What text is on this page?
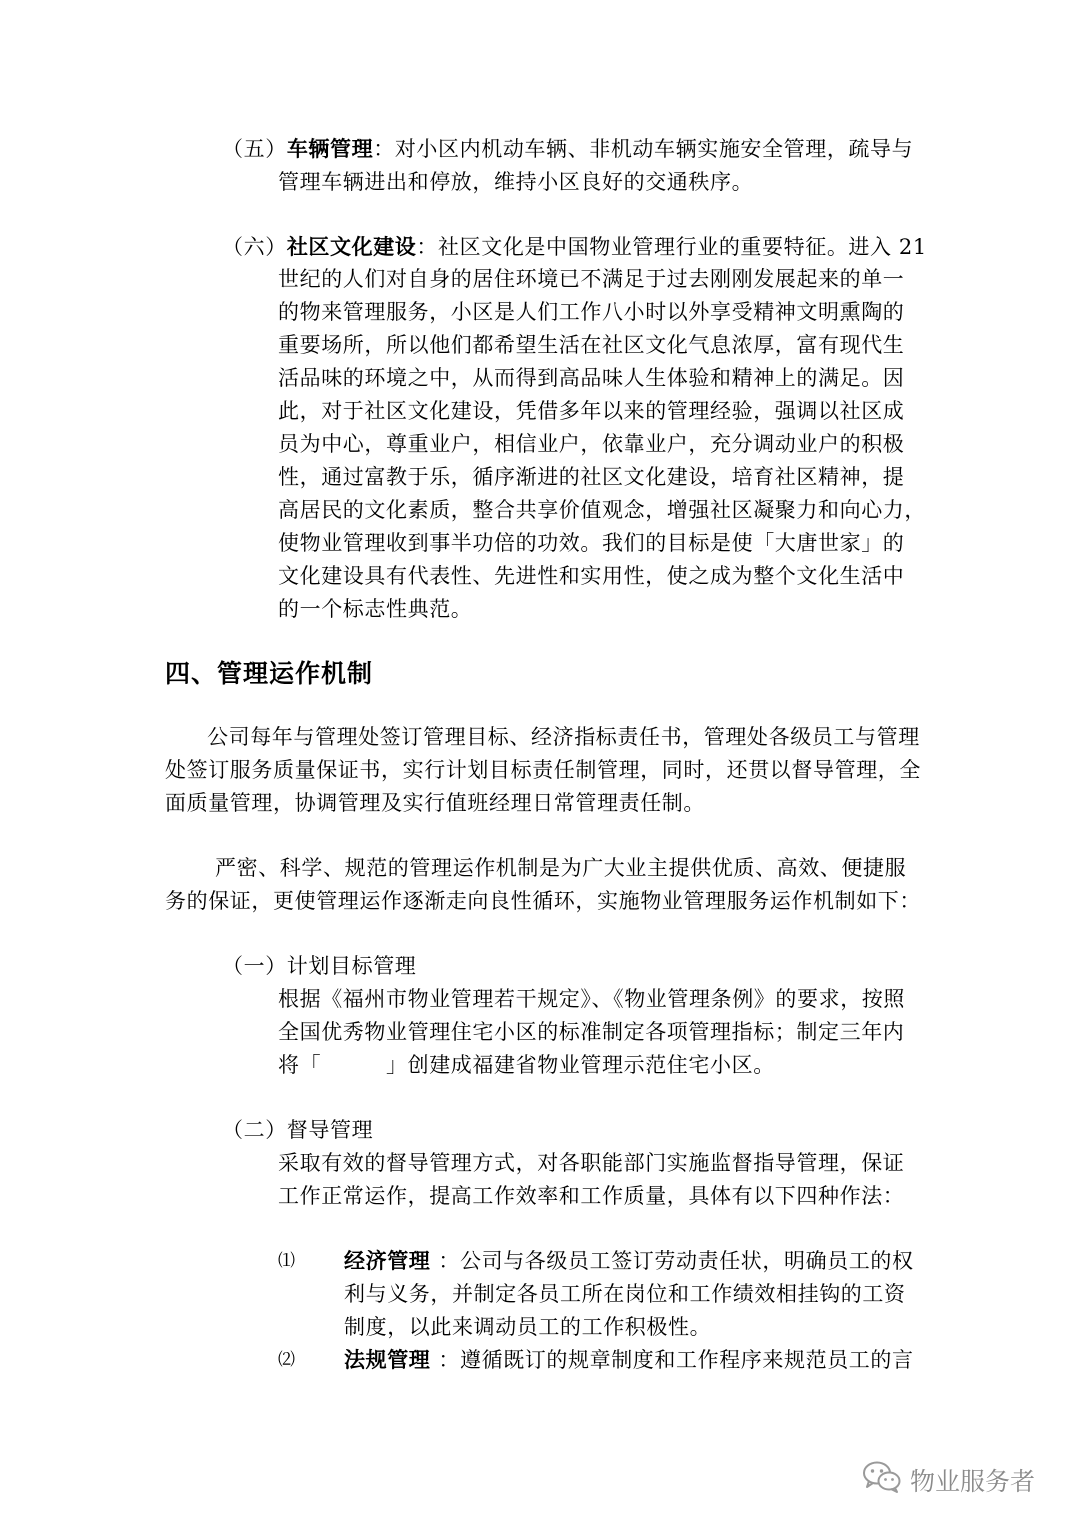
（五）车辆管理：对小区内机动车辆、非机动车辆实施安全管理，疏导与
管理车辆进出和停放，维持小区良好的交通秩序。
（六）社区文化建设：社区文化是中国物业管理行业的重要特征。进入 21
世纪的人们对自身的居住环境已不满足于过去刚刚发展起来的单一
的物来管理服务，小区是人们工作八小时以外享受精神文明熏陶的
重要场所，所以他们都希望生活在社区文化气息浓厚，富有现代生
活品味的环境之中，从而得到高品味人生体验和精神上的满足。因
此，对于社区文化建设，凭借多年以来的管理经验，强调以社区成
员为中心，尊重业户，相信业户，依靠业户，充分调动业户的积极
性，通过富教于乐，循序渐进的社区文化建设，培育社区精神，提
高居民的文化素质，整合共享价值观念，增强社区凝聚力和向心力，
使物业管理收到事半功倍的功效。我们的目标是使「大唐世家」的
文化建设具有代表性、先进性和实用性，使之成为整个文化生活中
的一个标志性典范。
四、管理运作机制
公司每年与管理处签订管理目标、经济指标责任书，管理处各级员工与管理
处签订服务质量保证书，实行计划目标责任制管理，同时，还贯以督导管理，全
面质量管理，协调管理及实行值班经理日常管理责任制。
严密、科学、规范的管理运作机制是为广大业主提供优质、高效、便捷服
务的保证，更使管理运作逐渐走向良性循环，实施物业管理服务运作机制如下：
（一）计划目标管理
根据《福州市物业管理若干规定》、《物业管理条例》的要求，按照
全国优秀物业管理住宅小区的标准制定各项管理指标；制定三年内
将「　　　」创建成福建省物业管理示范住宅小区。
（二）督导管理
采取有效的督导管理方式，对各职能部门实施监督指导管理，保证
工作正常运作，提高工作效率和工作质量，具体有以下四种作法：
⑴ 经济管理 ：公司与各级员工签订劳动责任状，明确员工的权
利与义务，并制定各员工所在岗位和工作绩效相挂钩的工资
制度，以此来调动员工的工作积极性。
⑵ 法规管理 ：遵循既订的规章制度和工作程序来规范员工的言
物业服务者
